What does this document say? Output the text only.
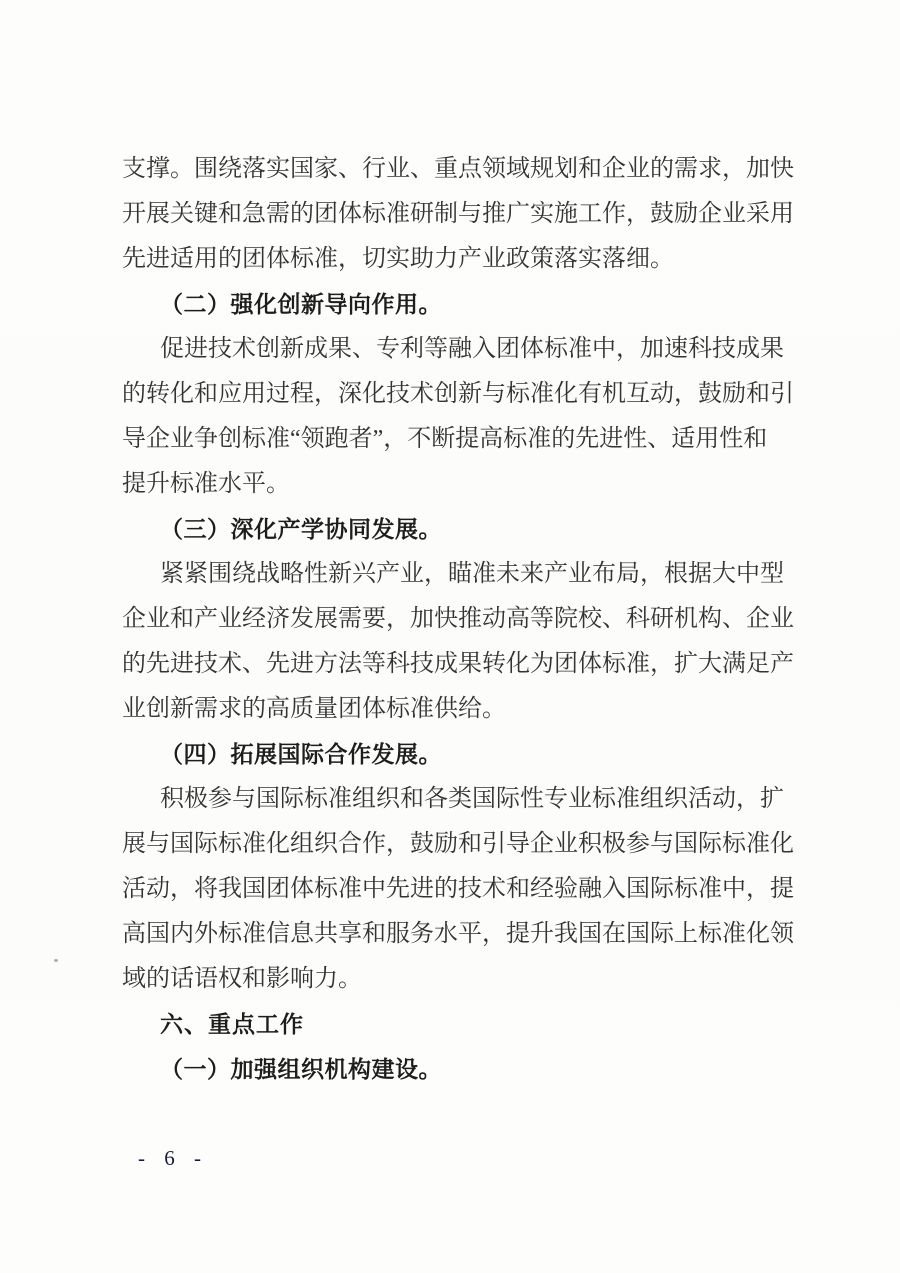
支撑。围绕落实国家、行业、重点领域规划和企业的需求，加快
开展关键和急需的团体标准研制与推广实施工作，鼓励企业采用
先进适用的团体标准，切实助力产业政策落实落细。
（二）强化创新导向作用。
促进技术创新成果、专利等融入团体标准中，加速科技成果
的转化和应用过程，深化技术创新与标准化有机互动，鼓励和引
导企业争创标准“领跑者”，不断提高标准的先进性、适用性和
提升标准水平。
（三）深化产学协同发展。
紧紧围绕战略性新兴产业，瞄准未来产业布局，根据大中型
企业和产业经济发展需要，加快推动高等院校、科研机构、企业
的先进技术、先进方法等科技成果转化为团体标准，扩大满足产
业创新需求的高质量团体标准供给。
（四）拓展国际合作发展。
积极参与国际标准组织和各类国际性专业标准组织活动，扩
展与国际标准化组织合作，鼓励和引导企业积极参与国际标准化
活动，将我国团体标准中先进的技术和经验融入国际标准中，提
高国内外标准信息共享和服务水平，提升我国在国际上标准化领
域的话语权和影响力。
六、重点工作
（一）加强组织机构建设。
- 6 -
